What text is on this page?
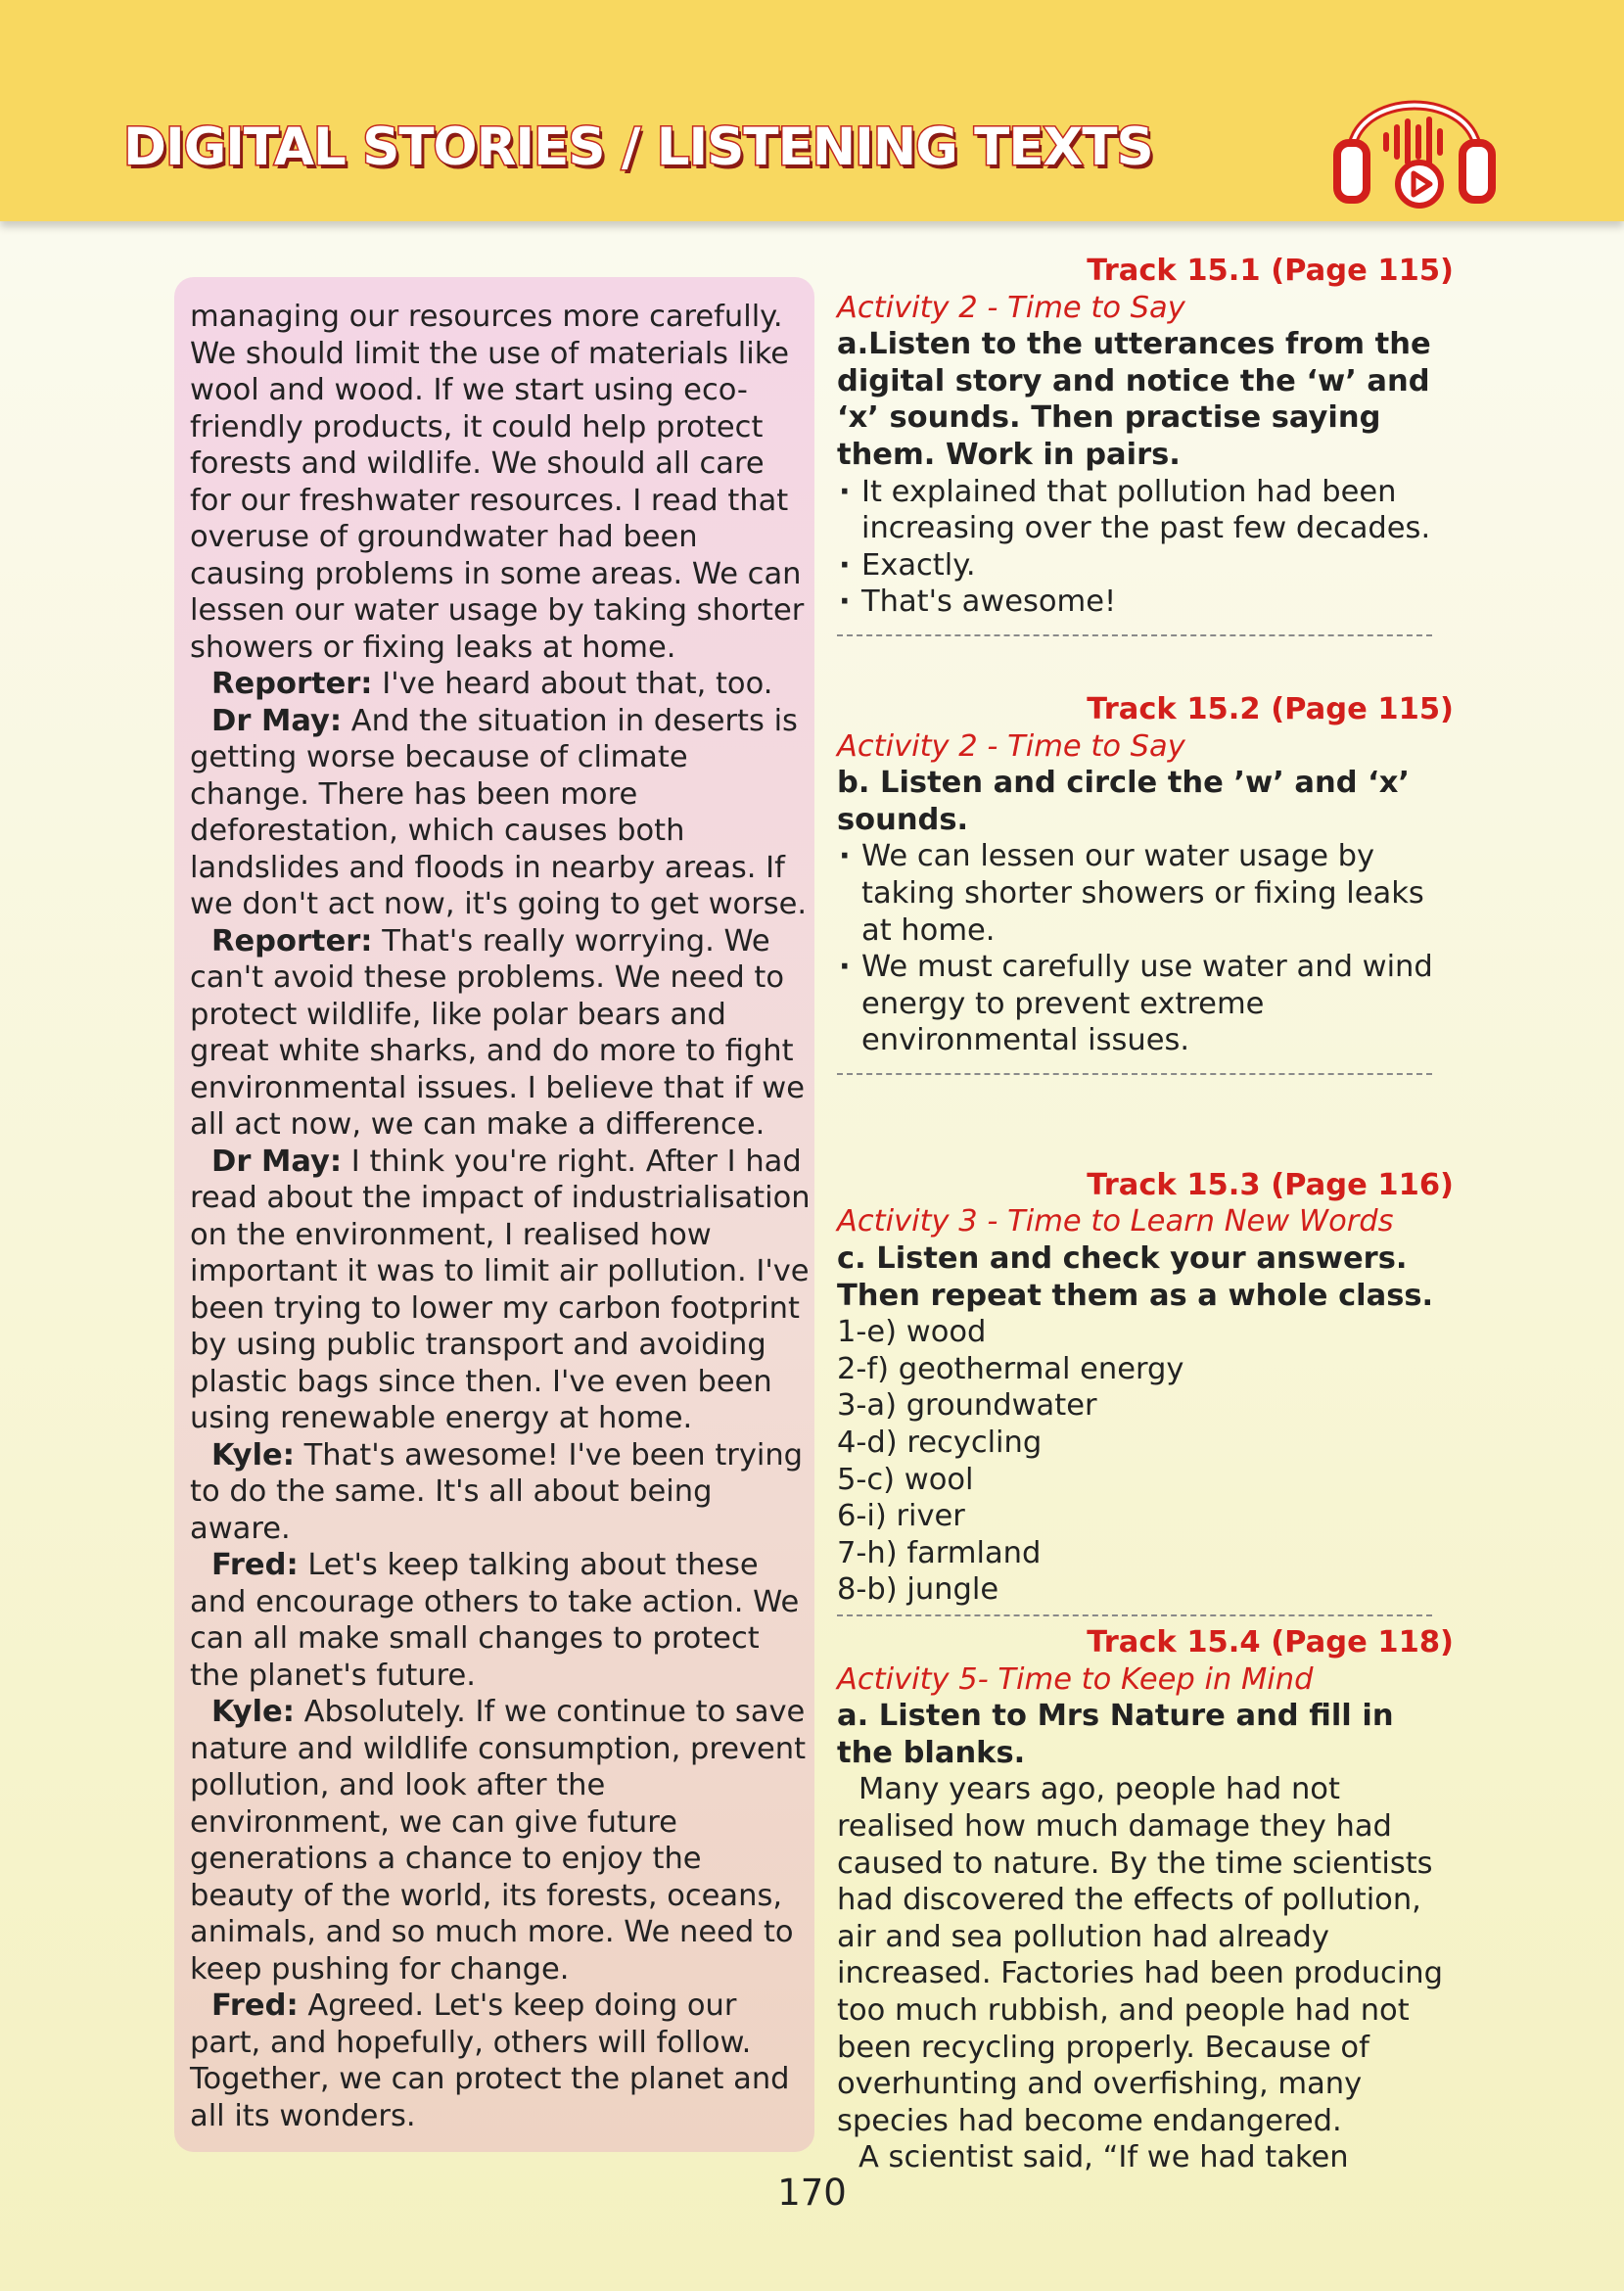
DIGITAL STORIES / LISTENING TEXTS

managing our resources more carefully. We should limit the use of materials like wool and wood. If we start using eco-friendly products, it could help protect forests and wildlife. We should all care for our freshwater resources. I read that overuse of groundwater had been causing problems in some areas. We can lessen our water usage by taking shorter showers or fixing leaks at home.

Reporter: I've heard about that, too.

Dr May: And the situation in deserts is getting worse because of climate change. There has been more deforestation, which causes both landslides and floods in nearby areas. If we don't act now, it's going to get worse.

Reporter: That's really worrying. We can't avoid these problems. We need to protect wildlife, like polar bears and great white sharks, and do more to fight environmental issues. I believe that if we all act now, we can make a difference.

Dr May: I think you're right. After I had read about the impact of industrialisation on the environment, I realised how important it was to limit air pollution. I've been trying to lower my carbon footprint by using public transport and avoiding plastic bags since then. I've even been using renewable energy at home.

Kyle: That's awesome! I've been trying to do the same. It's all about being aware.

Fred: Let's keep talking about these and encourage others to take action. We can all make small changes to protect the planet's future.

Kyle: Absolutely. If we continue to save nature and wildlife consumption, prevent pollution, and look after the environment, we can give future generations a chance to enjoy the beauty of the world, its forests, oceans, animals, and so much more. We need to keep pushing for change.

Fred: Agreed. Let's keep doing our part, and hopefully, others will follow. Together, we can protect the planet and all its wonders.

Track 15.1 (Page 115)
Activity 2 - Time to Say
a.Listen to the utterances from the digital story and notice the ‘w’ and ‘x’ sounds. Then practise saying them. Work in pairs.
· It explained that pollution had been increasing over the past few decades.
· Exactly.
· That's awesome!
Track 15.2 (Page 115)
Activity 2 - Time to Say
b. Listen and circle the ’w’ and ‘x’ sounds.
· We can lessen our water usage by taking shorter showers or fixing leaks at home.
· We must carefully use water and wind energy to prevent extreme environmental issues.
Track 15.3 (Page 116)
Activity 3 - Time to Learn New Words
c. Listen and check your answers. Then repeat them as a whole class.
1-e) wood
2-f) geothermal energy
3-a) groundwater
4-d) recycling
5-c) wool
6-i) river
7-h) farmland
8-b) jungle
Track 15.4 (Page 118)
Activity 5- Time to Keep in Mind
a. Listen to Mrs Nature and fill in the blanks.

Many years ago, people had not realised how much damage they had caused to nature. By the time scientists had discovered the effects of pollution, air and sea pollution had already increased. Factories had been producing too much rubbish, and people had not been recycling properly. Because of overhunting and overfishing, many species had become endangered.

A scientist said, “If we had taken

170
